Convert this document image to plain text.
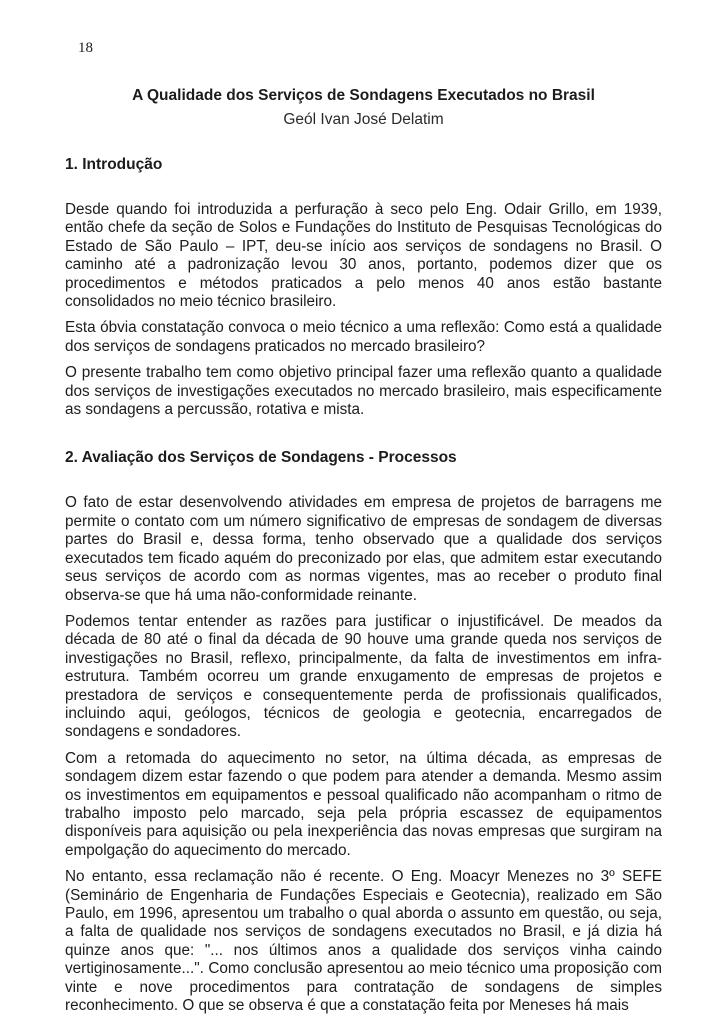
18
A Qualidade dos Serviços de Sondagens Executados no Brasil
Geól Ivan José Delatim
1. Introdução

Desde quando foi introduzida a perfuração à seco pelo Eng. Odair Grillo, em 1939, então chefe da seção de Solos e Fundações do Instituto de Pesquisas Tecnológicas do Estado de São Paulo – IPT, deu-se início aos serviços de sondagens no Brasil. O caminho até a padronização levou 30 anos, portanto, podemos dizer que os procedimentos e métodos praticados a pelo menos 40 anos estão bastante consolidados no meio técnico brasileiro.

Esta óbvia constatação convoca o meio técnico a uma reflexão: Como está a qualidade dos serviços de sondagens praticados no mercado brasileiro?

O presente trabalho tem como objetivo principal fazer uma reflexão quanto a qualidade dos serviços de investigações executados no mercado brasileiro, mais especificamente as sondagens a percussão, rotativa e mista.

2. Avaliação dos Serviços de Sondagens - Processos

O fato de estar desenvolvendo atividades em empresa de projetos de barragens me permite o contato com um número significativo de empresas de sondagem de diversas partes do Brasil e, dessa forma, tenho observado que a qualidade dos serviços executados tem ficado aquém do preconizado por elas, que admitem estar executando seus serviços de acordo com as normas vigentes, mas ao receber o produto final observa-se que há uma não-conformidade reinante.

Podemos tentar entender as razões para justificar o injustificável. De meados da década de 80 até o final da década de 90 houve uma grande queda nos serviços de investigações no Brasil, reflexo, principalmente, da falta de investimentos em infra-estrutura. Também ocorreu um grande enxugamento de empresas de projetos e prestadora de serviços e consequentemente perda de profissionais qualificados, incluindo aqui, geólogos, técnicos de geologia e geotecnia, encarregados de sondagens e sondadores.

Com a retomada do aquecimento no setor, na última década, as empresas de sondagem dizem estar fazendo o que podem para atender a demanda. Mesmo assim os investimentos em equipamentos e pessoal qualificado não acompanham o ritmo de trabalho imposto pelo marcado, seja pela própria escassez de equipamentos disponíveis para aquisição ou pela inexperiência das novas empresas que surgiram na empolgação do aquecimento do mercado.

No entanto, essa reclamação não é recente. O Eng. Moacyr Menezes no 3º SEFE (Seminário de Engenharia de Fundações Especiais e Geotecnia), realizado em São Paulo, em 1996, apresentou um trabalho o qual aborda o assunto em questão, ou seja, a falta de qualidade nos serviços de sondagens executados no Brasil, e já dizia há quinze anos que: "... nos últimos anos a qualidade dos serviços vinha caindo vertiginosamente...". Como conclusão apresentou ao meio técnico uma proposição com vinte e nove procedimentos para contratação de sondagens de simples reconhecimento. O que se observa é que a constatação feita por Meneses há mais
